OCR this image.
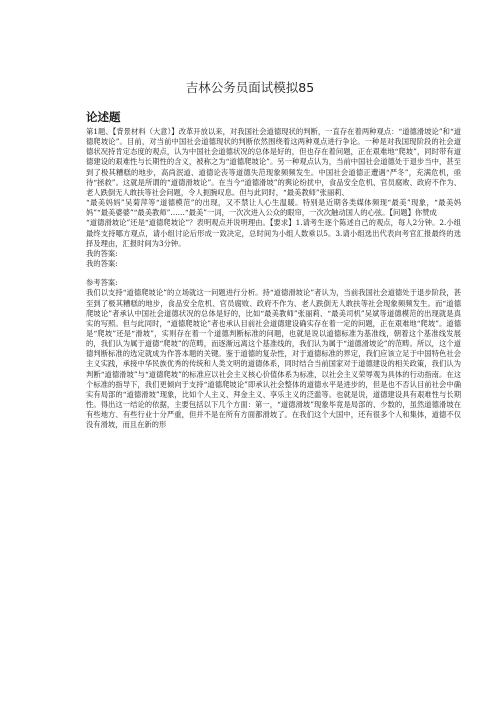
吉林公务员面试模拟85
论述题

第1题、【背景材料（大意）】改革开放以来，对我国社会道德现状的判断，一直存在着两种观点：“道德滑坡论”和“道德爬坡论”。目前，对当前中国社会道德现状的判断依然围绕着这两种观点进行争论。一种是对我国现阶段的社会道德状况持肯定态度的观点，认为中国社会道德状况的总体是好的，但也存在着问题，正在艰难地“爬坡”，同时带有道德建设的艰难性与长期性的含义，被称之为“道德爬坡论”。另一种观点认为，当前中国社会道德处于退步当中，甚至到了极其糟糕的地步，高尚泯道、道德论丧等道德失范现象频频发生。中国社会道德正遭遇“严冬”，充满危机，亟待“拯救”。这就是所谓的“道德滑坡论”。在当今“道德滑坡”的舆论纷扰中，食品安全危机、官员腐败、政府不作为、老人跌倒无人敢扶等社会问题，令人扼腕叹息。但与此同时，“最美教师”张丽莉、

“最美妈妈”吴菊萍等“道德模范”的出现，又不禁让人心生温暖。特别是近期各类媒体频现“最美”现象，“最美妈妈”“最美婆婆”“最美教师”……“最美”一词，一次次进入公众的眼帘，一次次触动国人的心弦。【问题】你赞成

“道德滑坡论”还是“道德爬坡论”？表明观点并说明理由。【要求】1.请考生逐个陈述自己的观点，每人2分钟。2.小组最终支持哪方观点，请小组讨论后形成一致决定，总时间为小组人数乘以5。3.请小组选出代表向考官汇报最终的选择及理由，汇报时间为3分钟。

我的答案:

我的答案:

参考答案:

我们以支持“道德爬坡论”的立场就这一问题进行分析。持“道德滑坡论”者认为，当前我国社会道德处于退步阶段，甚至到了极其糟糕的地步，食品安全危机、官员腐败、政府不作为、老人跌倒无人敢扶等社会现象频频发生。而“道德爬坡论”者承认中国社会道德状况的总体是好的，比如“最美教师”张丽莉、“最美司机”吴斌等道德模范的出现就是真实的写照。但与此同时，“道德爬坡论”者也承认目前社会道德建设确实存在着一定的问题，正在艰难地“爬坡”。道德是“爬坡”还是“滑坡”，实则存在着一个道德判断标准的问题，也就是说以道德标准为基准线，朝着这个基准线发展的，我们认为属于道德“爬坡”的范畴，而逐渐远离这个基准线的，我们认为属于“道德滑坡论”的范畴。所以，这个道德判断标准的选定就成为作答本题的关键。鉴于道德的复杂性，对于道德标准的界定，我们应该立足于中国特色社会主义实践，承接中华民族优秀的传统和人类文明的道德体系，同时结合当前国家对于道德建设的相关政策，我们认为判断“道德滑坡”与“道德爬坡”的标准应以社会主义核心价值体系为标准，以社会主义荣辱观为具体的行动指南。在这个标准的指导下，我们更倾向于支持“道德爬坡论”即承认社会整体的道德水平是进步的，但是也不否认目前社会中确实有局部的“道德滑坡”现象，比如个人主义、拜金主义、享乐主义的泛滥等。也就是说，道德建设具有艰难性与长期性。得出这一结论的依据，主要包括以下几个方面：第一，“道德滑坡”现象毕竟是局部的、少数的，虽然道德滑坡在有些地方、有些行业十分严重，但并不是在所有方面都滑坡了。在我们这个大国中，还有很多个人和集体，道德不仅没有滑坡，而且在新的形
